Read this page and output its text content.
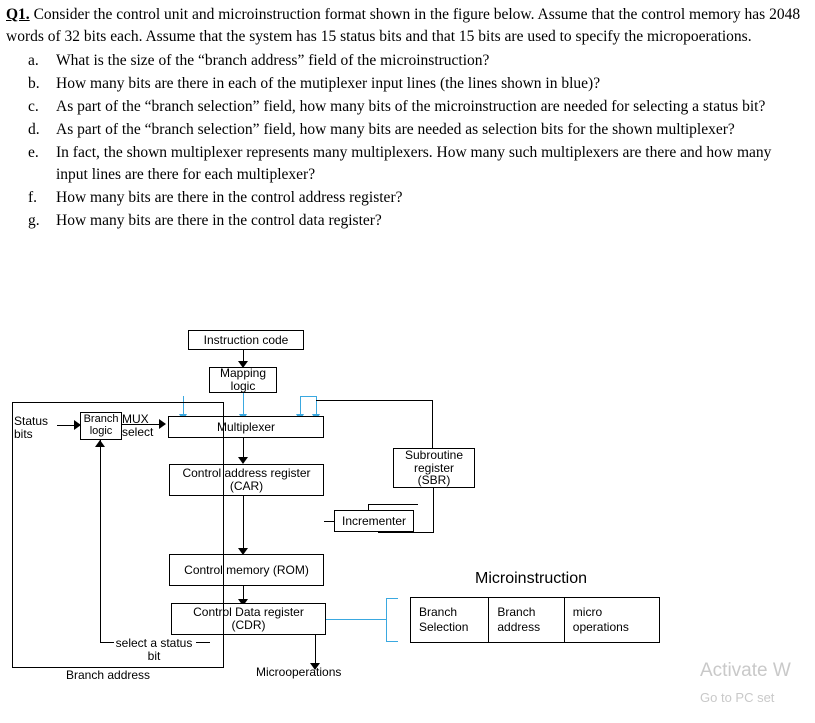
Q1. Consider the control unit and microinstruction format shown in the figure below. Assume that the control memory has 2048 words of 32 bits each. Assume that the system has 15 status bits and that 15 bits are used to specify the micropoerations.

a.	What is the size of the “branch address” field of the microinstruction?
b.	How many bits are there in each of the mutiplexer input lines (the lines shown in blue)?
c.	As part of the “branch selection” field, how many bits of the microinstruction are needed for selecting a status bit?
d.	As part of the “branch selection” field, how many bits are needed as selection bits for the shown multiplexer?
e.	In fact, the shown multiplexer represents many multiplexers. How many such multiplexers are there and how many input lines are there for each multiplexer?
f.	How many bits are there in the control address register?
g.	How many bits are there in the control data register?
Instruction code
Mapping
logic
Status
bits
Branch
logic
MUX
select	Multiplexer
Control address register
(CAR)
Subroutine
register
(SBR)
Incrementer
Control memory (ROM)
Control Data register
(CDR)
select a status
bit
Branch address	Microoperations
Microinstruction
Branch
Selection
Branch
address
micro
operations
Activate W
Go to PC set
